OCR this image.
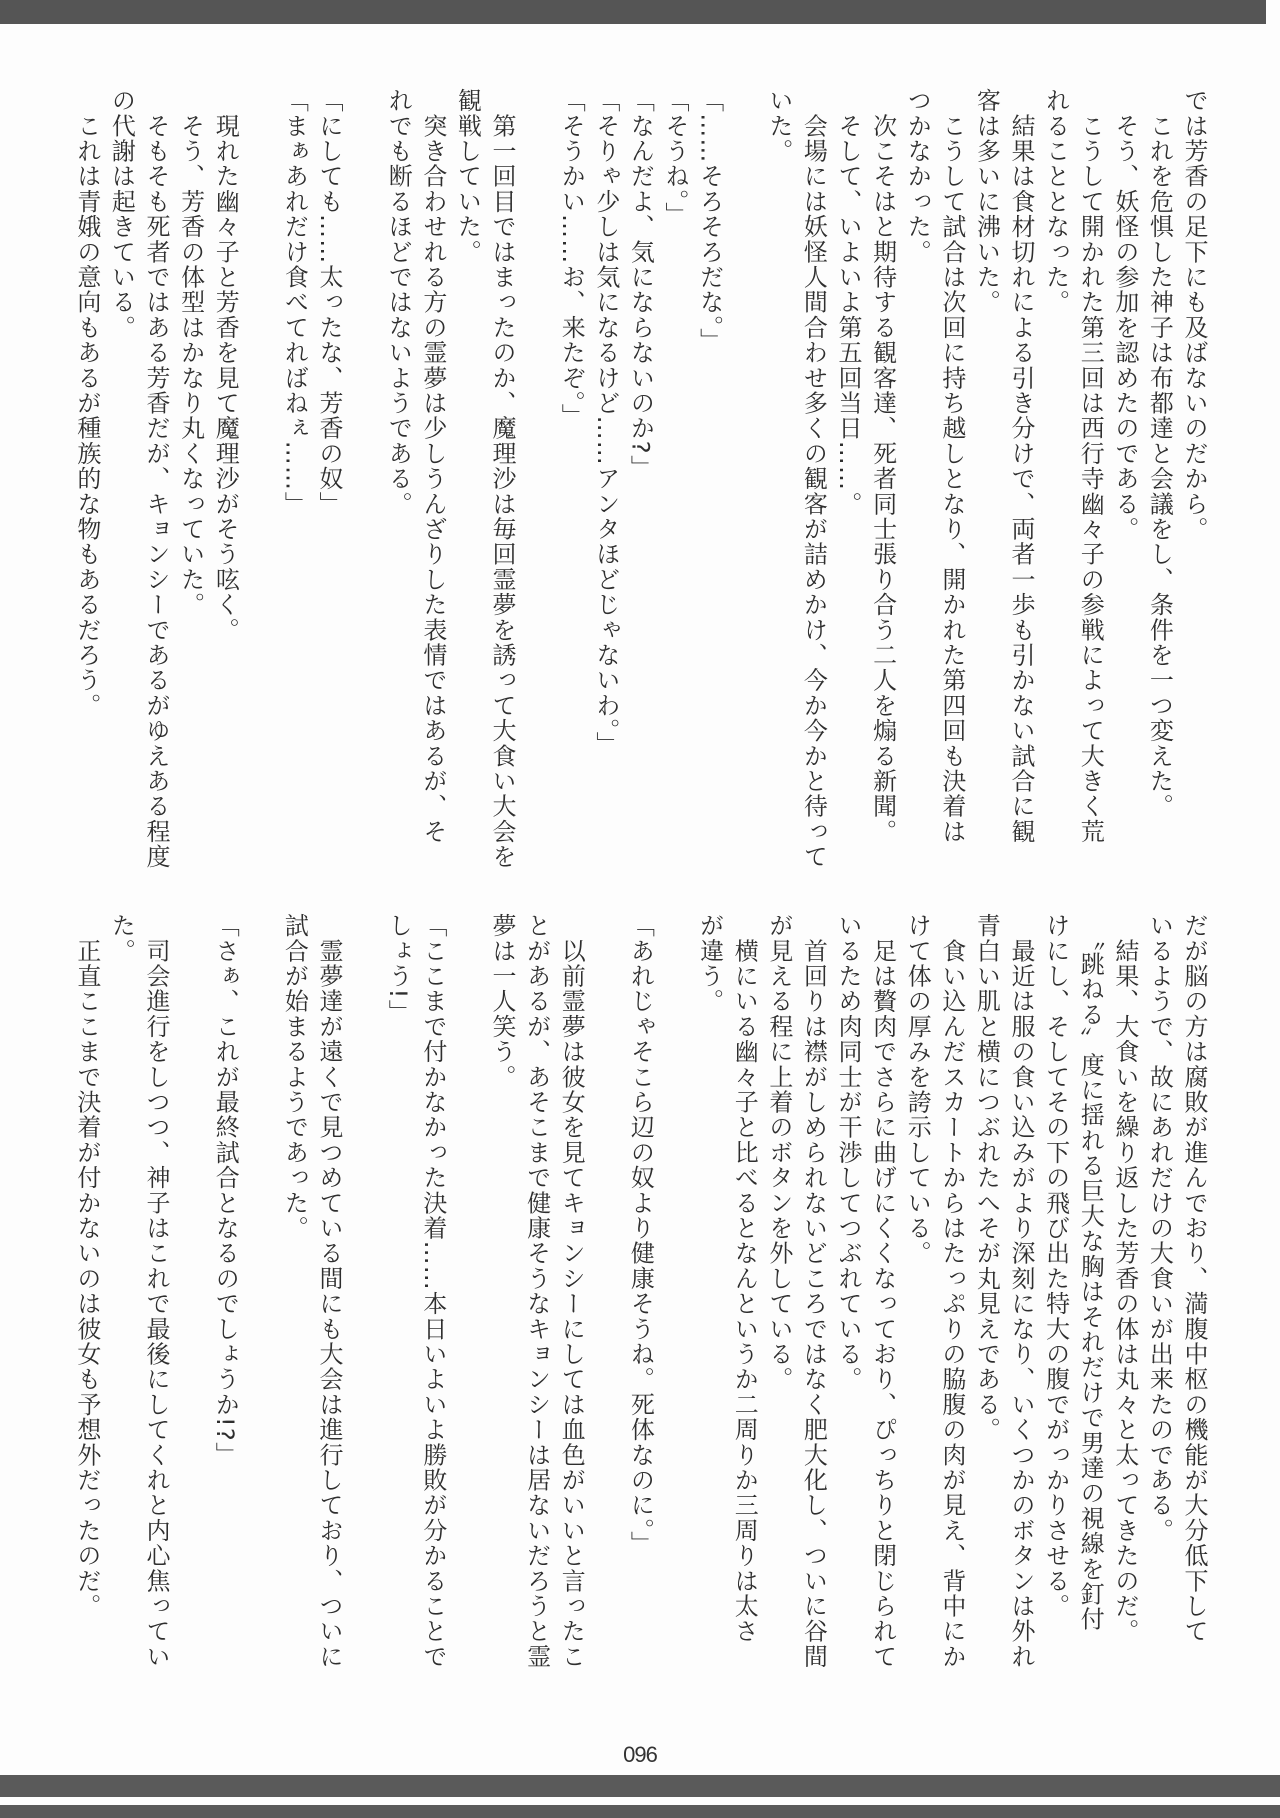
では芳香の足下にも及ばないのだから。
　これを危惧した神子は布都達と会議をし、条件を一つ変えた。
　そう、妖怪の参加を認めたのである。
　こうして開かれた第三回は西行寺幽々子の参戦によって大きく荒
れることとなった。
　結果は食材切れによる引き分けで、両者一歩も引かない試合に観
客は多いに沸いた。
　こうして試合は次回に持ち越しとなり、開かれた第四回も決着は
つかなかった。
　次こそはと期待する観客達、死者同士張り合う二人を煽る新聞。
　そして、いよいよ第五回当日……。
　会場には妖怪人間合わせ多くの観客が詰めかけ、今か今かと待って
いた。
「……そろそろだな。」
「そうね。」
「なんだよ、気にならないのか?」
「そりゃ少しは気になるけど……アンタほどじゃないわ。」
「そうかい……お、来たぞ。」
　第一回目ではまったのか、魔理沙は毎回霊夢を誘って大食い大会を
観戦していた。
　突き合わせれる方の霊夢は少しうんざりした表情ではあるが、そ
れでも断るほどではないようである。
「にしても……太ったな、芳香の奴」
「まぁあれだけ食べてればねぇ……」
　現れた幽々子と芳香を見て魔理沙がそう呟く。
　そう、芳香の体型はかなり丸くなっていた。
　そもそも死者ではある芳香だが、キョンシーであるがゆえある程度
の代謝は起きている。
　これは青娥の意向もあるが種族的な物もあるだろう。
だが脳の方は腐敗が進んでおり、満腹中枢の機能が大分低下して
いるようで、故にあれだけの大食いが出来たのである。
　結果、大食いを繰り返した芳香の体は丸々と太ってきたのだ。
　〝跳ねる〟度に揺れる巨大な胸はそれだけで男達の視線を釘付
けにし、そしてその下の飛び出た特大の腹でがっかりさせる。
　最近は服の食い込みがより深刻になり、いくつかのボタンは外れ
青白い肌と横につぶれたへそが丸見えである。
　食い込んだスカートからはたっぷりの脇腹の肉が見え、背中にか
けて体の厚みを誇示している。
　足は贅肉でさらに曲げにくくなっており、ぴっちりと閉じられて
いるため肉同士が干渉してつぶれている。
　首回りは襟がしめられないどころではなく肥大化し、ついに谷間
が見える程に上着のボタンを外している。
　横にいる幽々子と比べるとなんというか二周りか三周りは太さ
が違う。
「あれじゃそこら辺の奴より健康そうね。死体なのに。」
　以前霊夢は彼女を見てキョンシーにしては血色がいいと言ったこ
とがあるが、あそこまで健康そうなキョンシーは居ないだろうと霊
夢は一人笑う。
「ここまで付かなかった決着……本日いよいよ勝敗が分かることで
しょう!」
　霊夢達が遠くで見つめている間にも大会は進行しており、ついに
試合が始まるようであった。
「さぁ、これが最終試合となるのでしょうか!?」
　司会進行をしつつ、神子はこれで最後にしてくれと内心焦ってい
た。
　正直ここまで決着が付かないのは彼女も予想外だったのだ。
096
